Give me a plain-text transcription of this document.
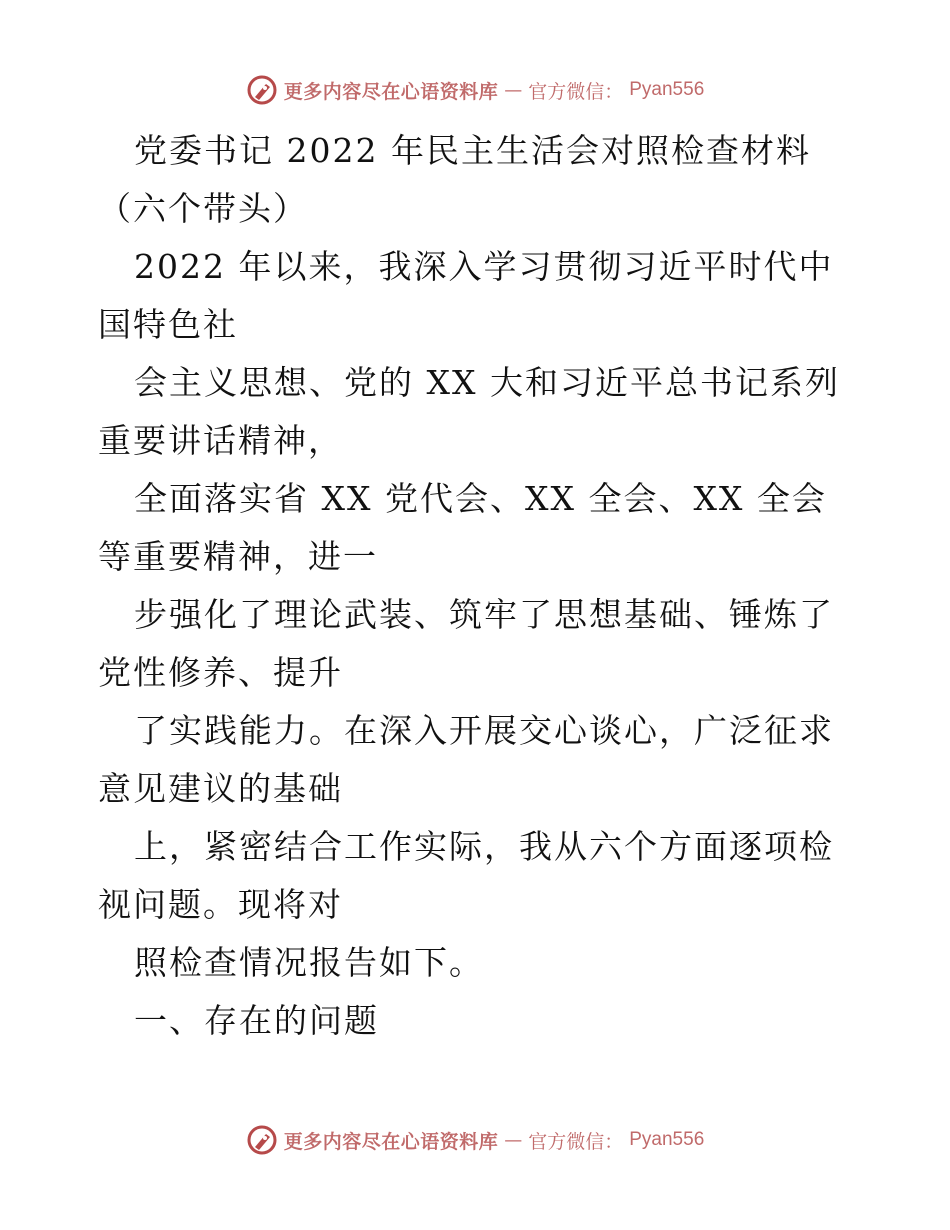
更多内容尽在心语资料库 — 官方微信： Pyan556

党委书记 2022 年民主生活会对照检查材料（六个带头）

2022 年以来，我深入学习贯彻习近平时代中国特色社

会主义思想、党的 XX 大和习近平总书记系列重要讲话精神，

全面落实省 XX 党代会、XX 全会、XX 全会等重要精神，进一

步强化了理论武装、筑牢了思想基础、锤炼了党性修养、提升

了实践能力。在深入开展交心谈心，广泛征求意见建议的基础

上，紧密结合工作实际，我从六个方面逐项检视问题。现将对

照检查情况报告如下。

一、存在的问题

更多内容尽在心语资料库 — 官方微信： Pyan556
